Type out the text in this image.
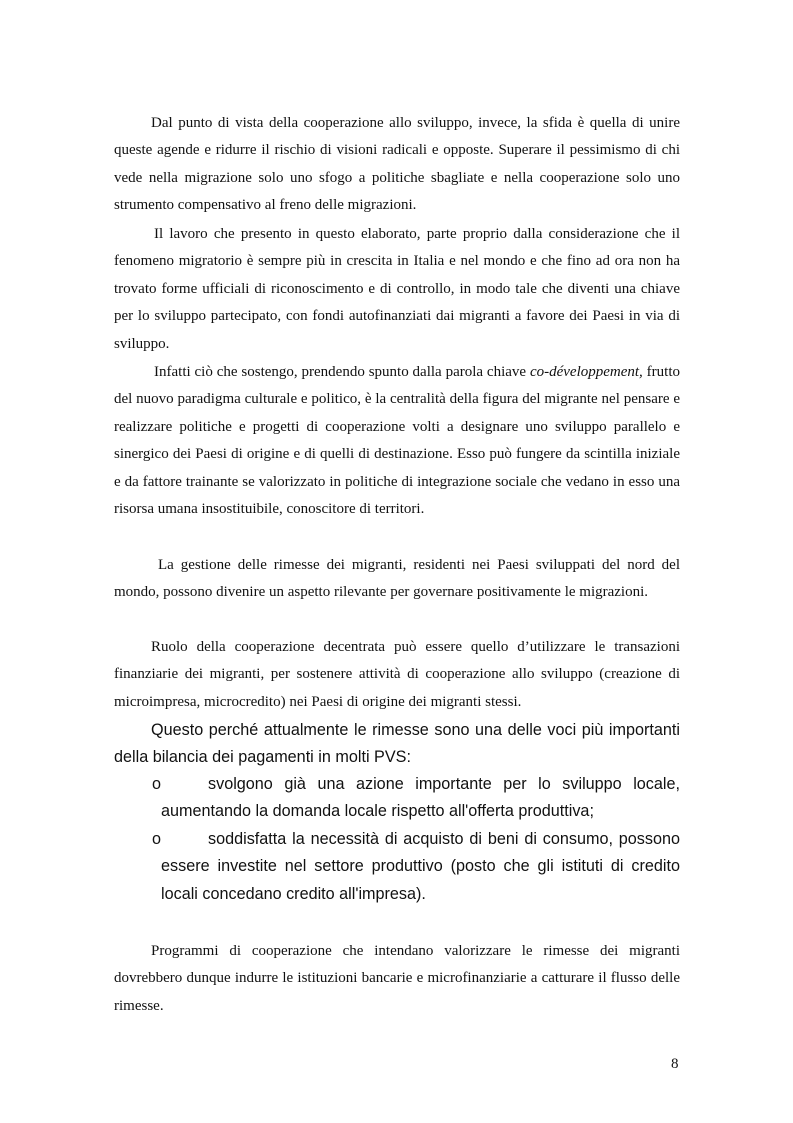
Dal punto di vista della cooperazione allo sviluppo, invece, la sfida è quella di unire queste agende e ridurre il rischio di visioni radicali e opposte. Superare il pessimismo di chi vede nella migrazione solo uno sfogo a politiche sbagliate e nella cooperazione solo uno strumento compensativo al freno delle migrazioni.

Il lavoro che presento in questo elaborato, parte proprio dalla considerazione che il fenomeno migratorio è sempre più in crescita in Italia e nel mondo e che fino ad ora non ha trovato forme ufficiali di riconoscimento e di controllo, in modo tale che diventi una chiave per lo sviluppo partecipato, con fondi autofinanziati dai migranti a favore dei Paesi in via di sviluppo.

Infatti ciò che sostengo, prendendo spunto dalla parola chiave co-développement, frutto del nuovo paradigma culturale e politico, è la centralità della figura del migrante nel pensare e realizzare politiche e progetti di cooperazione volti a designare uno sviluppo parallelo e sinergico dei Paesi di origine e di quelli di destinazione. Esso può fungere da scintilla iniziale e da fattore trainante se valorizzato in politiche di integrazione sociale che vedano in esso una risorsa umana insostituibile, conoscitore di territori.

La gestione delle rimesse dei migranti, residenti nei Paesi sviluppati del nord del mondo, possono divenire un aspetto rilevante per governare positivamente le migrazioni.

Ruolo della cooperazione decentrata può essere quello d’utilizzare le transazioni finanziarie dei migranti, per sostenere attività di cooperazione allo sviluppo (creazione di microimpresa, microcredito) nei Paesi di origine dei migranti stessi.

Questo perché attualmente le rimesse sono una delle voci più importanti della bilancia dei pagamenti in molti PVS:

o	svolgono già una azione importante per lo sviluppo locale, aumentando la domanda locale rispetto all'offerta produttiva;

o	soddisfatta la necessità di acquisto di beni di consumo, possono essere investite nel settore produttivo (posto che gli istituti di credito locali concedano credito all'impresa).

Programmi di cooperazione che intendano valorizzare le rimesse dei migranti dovrebbero dunque indurre le istituzioni bancarie e microfinanziarie a catturare il flusso delle rimesse.

8
